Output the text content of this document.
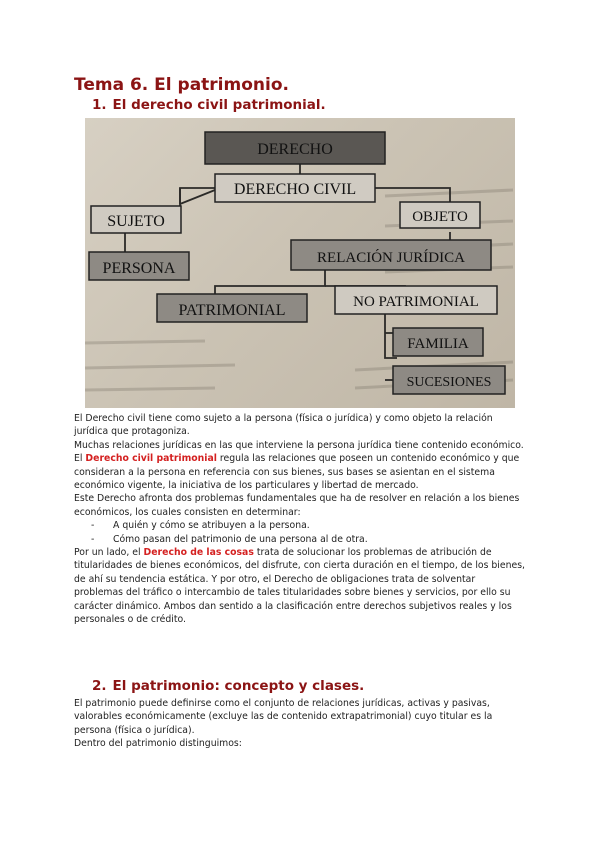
Tema 6. El patrimonio.
1. El derecho civil patrimonial.
DERECHO
DERECHO CIVIL
SUJETO	OBJETO
PERSONA
RELACIÓN JURÍDICA
PATRIMONIAL	NO PATRIMONIAL
FAMILIA
SUCESIONES

El Derecho civil tiene como sujeto a la persona (física o jurídica) y como objeto la relación jurídica que protagoniza.

Muchas relaciones jurídicas en las que interviene la persona jurídica tiene contenido económico.

El Derecho civil patrimonial regula las relaciones que poseen un contenido económico y que consideran a la persona en referencia con sus bienes, sus bases se asientan en el sistema económico vigente, la iniciativa de los particulares y libertad de mercado.

Este Derecho afronta dos problemas fundamentales que ha de resolver en relación a los bienes económicos, los cuales consisten en determinar:

-	A quién y cómo se atribuyen a la persona.
-	Cómo pasan del patrimonio de una persona al de otra.

Por un lado, el Derecho de las cosas trata de solucionar los problemas de atribución de titularidades de bienes económicos, del disfrute, con cierta duración en el tiempo, de los bienes, de ahí su tendencia estática. Y por otro, el Derecho de obligaciones trata de solventar problemas del tráfico o intercambio de tales titularidades sobre bienes y servicios, por ello su carácter dinámico. Ambos dan sentido a la clasificación entre derechos subjetivos reales y los personales o de crédito.

2. El patrimonio: concepto y clases.

El patrimonio puede definirse como el conjunto de relaciones jurídicas, activas y pasivas, valorables económicamente (excluye las de contenido extrapatrimonial) cuyo titular es la persona (física o jurídica).

Dentro del patrimonio distinguimos:
